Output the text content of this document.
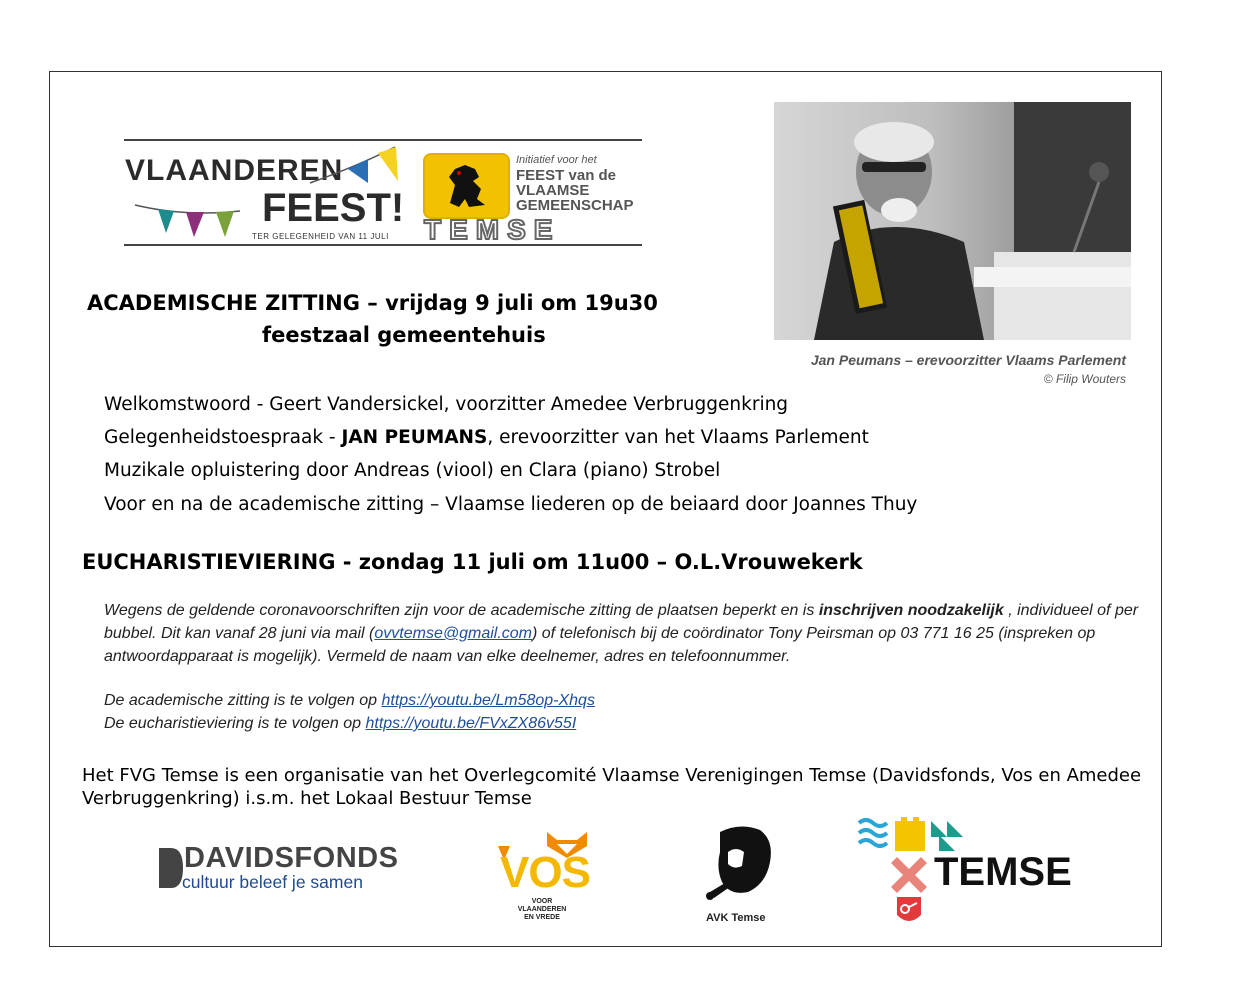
VLAANDEREN
FEEST!
TER GELEGENHEID VAN 11 JULI
Initiatief voor het
FEEST van de
VLAAMSE
GEMEENSCHAP
TEMSE
ACADEMISCHE ZITTING – vrijdag 9 juli om 19u30
feestzaal gemeentehuis
Jan Peumans – erevoorzitter Vlaams Parlement
© Filip Wouters
Welkomstwoord - Geert Vandersickel, voorzitter Amedee Verbruggenkring
Gelegenheidstoespraak - JAN PEUMANS, erevoorzitter van het Vlaams Parlement
Muzikale opluistering door Andreas (viool) en Clara (piano) Strobel
Voor en na de academische zitting – Vlaamse liederen op de beiaard door Joannes Thuy
EUCHARISTIEVIERING - zondag 11 juli om 11u00 – O.L.Vrouwekerk
Wegens de geldende coronavoorschriften zijn voor de academische zitting de plaatsen beperkt en is inschrijven noodzakelijk , individueel of per bubbel. Dit kan vanaf 28 juni via mail (ovvtemse@gmail.com) of telefonisch bij de coördinator Tony Peirsman op 03 771 16 25 (inspreken op antwoordapparaat is mogelijk). Vermeld de naam van elke deelnemer, adres en telefoonnummer.
De academische zitting is te volgen op https://youtu.be/Lm58op-Xhqs
De eucharistieviering is te volgen op https://youtu.be/FVxZX86v55I
Het FVG Temse is een organisatie van het Overlegcomité Vlaamse Verenigingen Temse (Davidsfonds, Vos en Amedee Verbruggenkring) i.s.m. het Lokaal Bestuur Temse
DAVIDSFONDS
cultuur beleef je samen	VOS
VOOR VLAANDEREN
EN VREDE	AVK Temse
TEMSE
